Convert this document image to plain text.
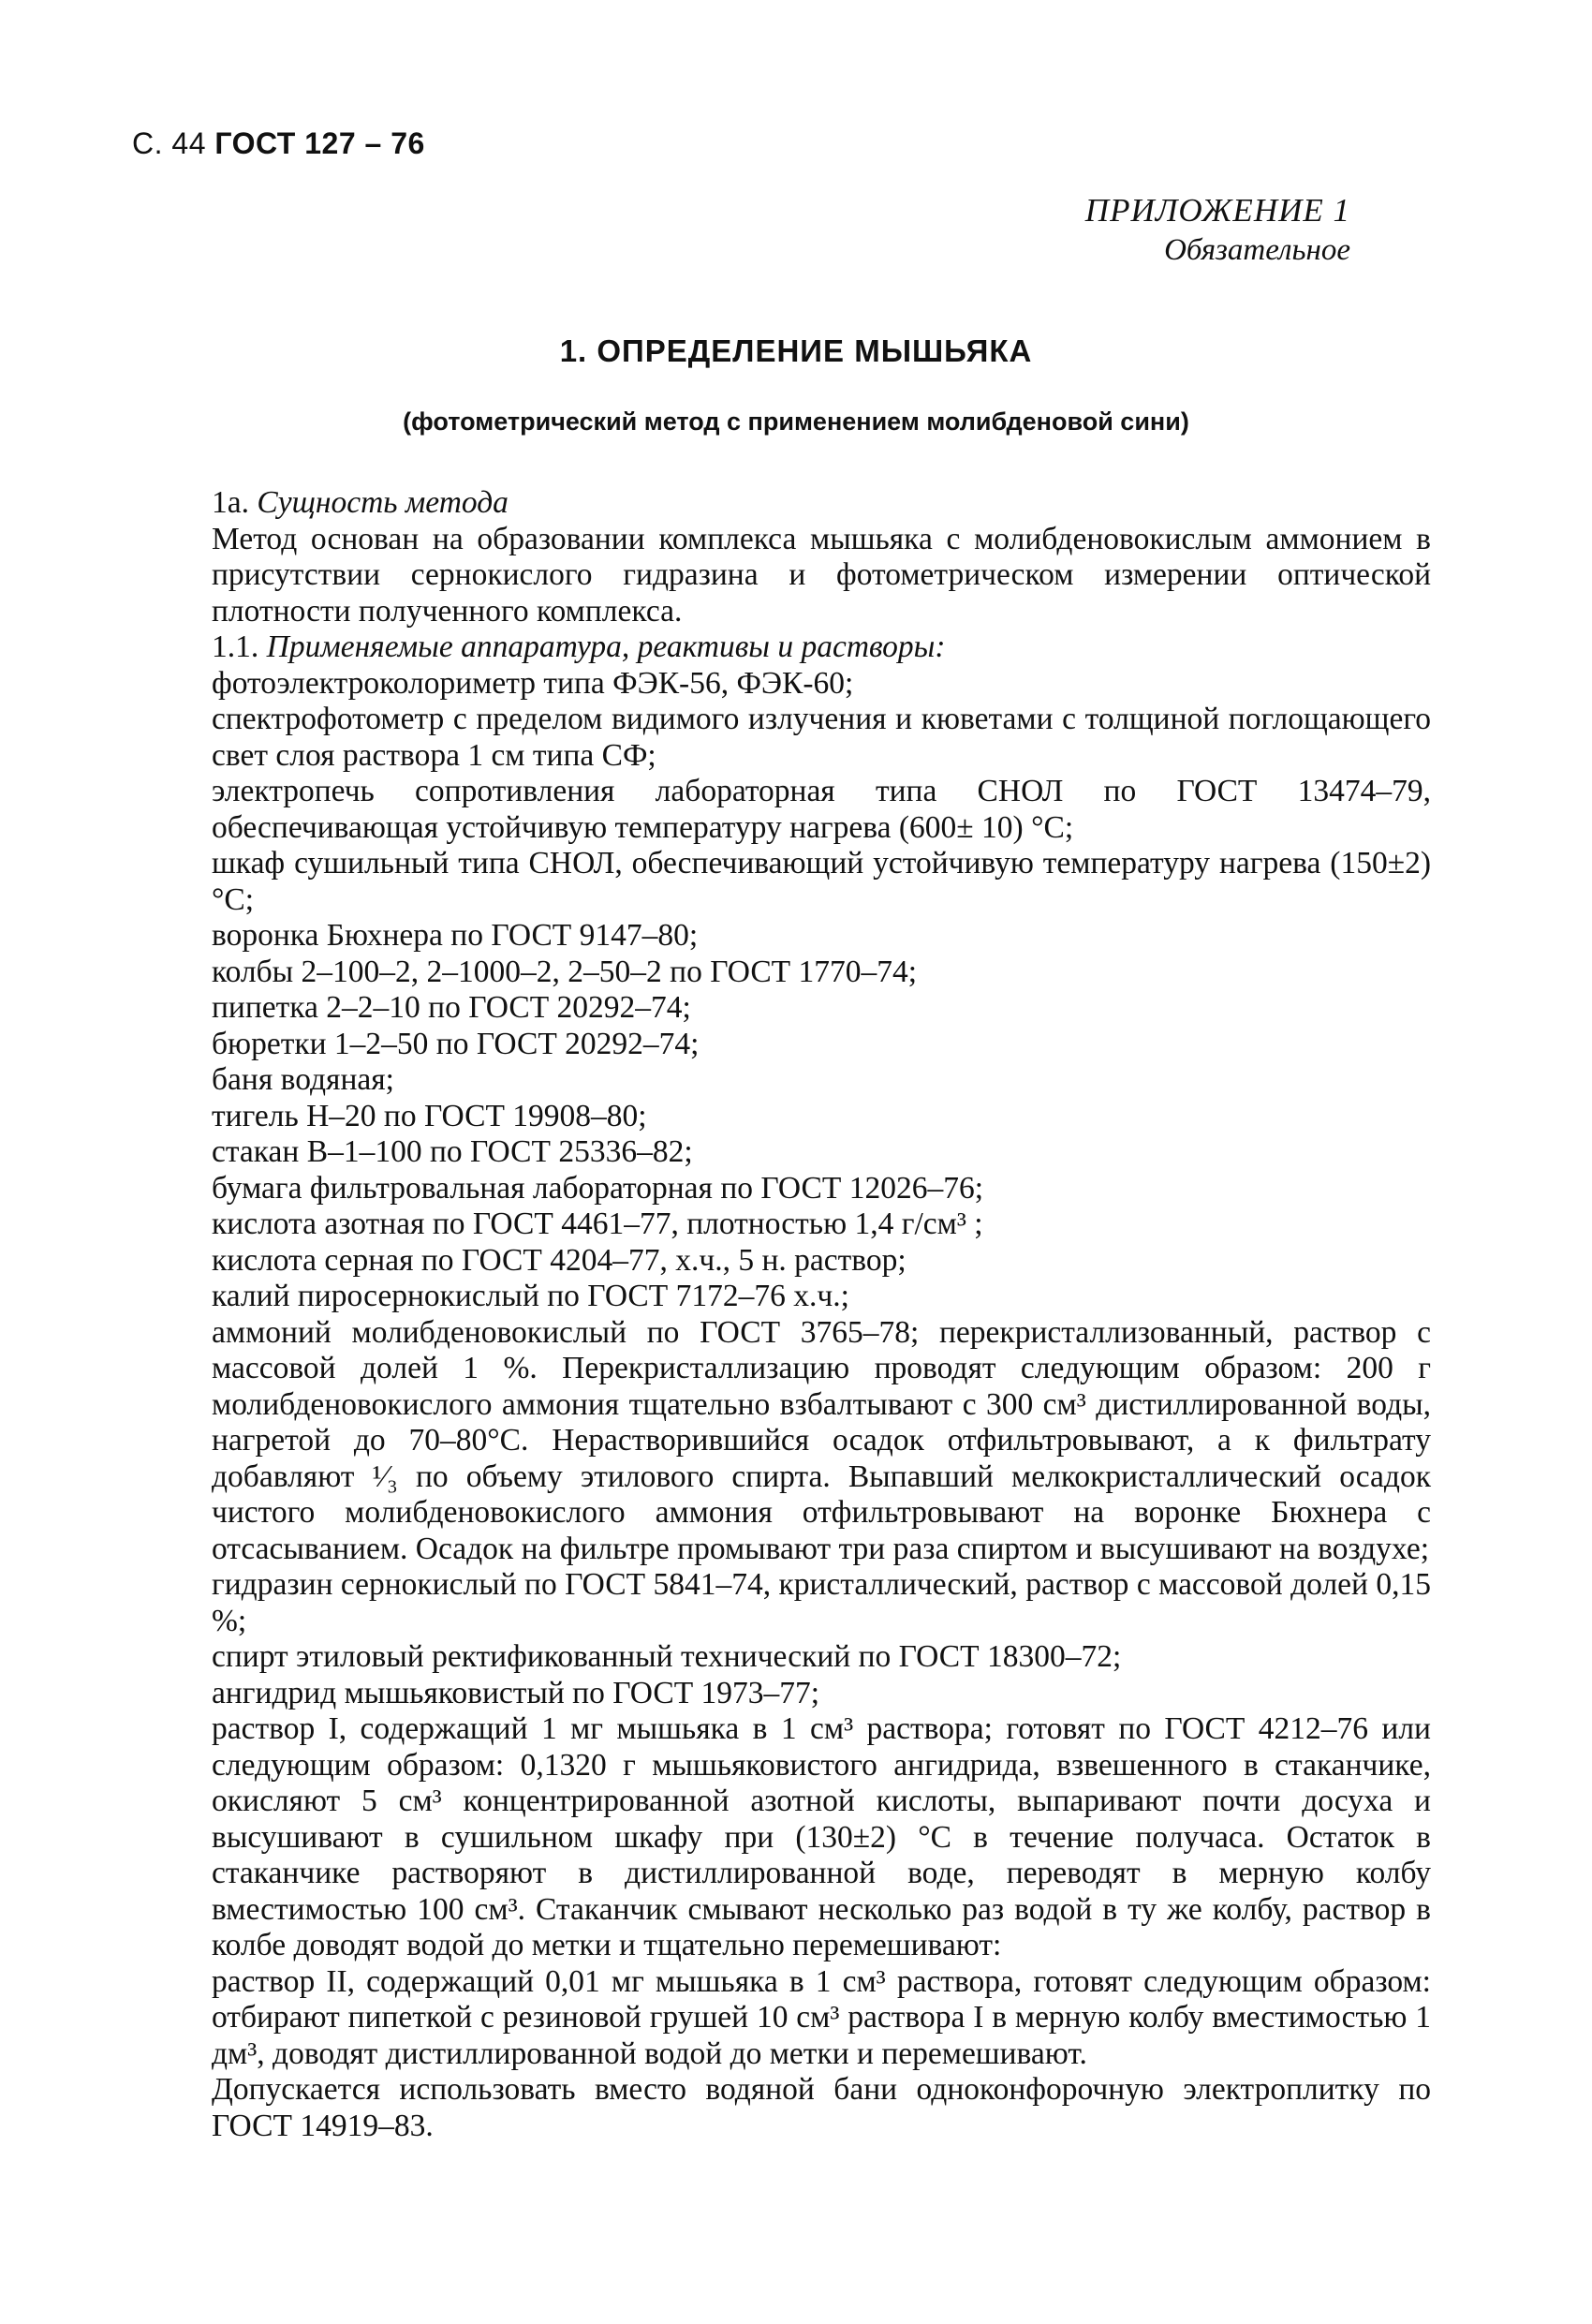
С. 44 ГОСТ 127 – 76
ПРИЛОЖЕНИЕ 1
Обязательное
1. ОПРЕДЕЛЕНИЕ МЫШЬЯКА
(фотометрический метод с применением молибденовой сини)

1а. Сущность метода

Метод основан на образовании комплекса мышьяка с молибденовокислым аммонием в присутствии сернокислого гидразина и фотометрическом измерении оптической плотности полученного комплекса.

1.1. Применяемые аппаратура, реактивы и растворы:

фотоэлектроколориметр типа ФЭК-56, ФЭК-60;

спектрофотометр с пределом видимого излучения и кюветами с толщиной поглощающего свет слоя раствора 1 см типа СФ;

электропечь сопротивления лабораторная типа СНОЛ по ГОСТ 13474–79, обеспечивающая устойчивую температуру нагрева (600± 10) °С;

шкаф сушильный типа СНОЛ, обеспечивающий устойчивую температуру нагрева (150±2) °С;

воронка Бюхнера по ГОСТ 9147–80;

колбы 2–100–2, 2–1000–2, 2–50–2 по ГОСТ 1770–74;

пипетка 2–2–10 по ГОСТ 20292–74;

бюретки 1–2–50 по ГОСТ 20292–74;

баня водяная;

тигель Н–20 по ГОСТ 19908–80;

стакан В–1–100 по ГОСТ 25336–82;

бумага фильтровальная лабораторная по ГОСТ 12026–76;

кислота азотная по ГОСТ 4461–77, плотностью 1,4 г/см³ ;

кислота серная по ГОСТ 4204–77, х.ч., 5 н. раствор;

калий пиросернокислый по ГОСТ 7172–76 х.ч.;

аммоний молибденовокислый по ГОСТ 3765–78; перекристаллизованный, раствор с массовой долей 1 %. Перекристаллизацию проводят следующим образом: 200 г молибденовокислого аммония тщательно взбалтывают с 300 см³ дистиллированной воды, нагретой до 70–80°С. Нерастворившийся осадок отфильтровывают, а к фильтрату добавляют ¹⁄₃ по объему этилового спирта. Выпавший мелкокристаллический осадок чистого молибденовокислого аммония отфильтровывают на воронке Бюхнера с отсасыванием. Осадок на фильтре промывают три раза спиртом и высушивают на воздухе;

гидразин сернокислый по ГОСТ 5841–74, кристаллический, раствор с массовой долей 0,15 %;

спирт этиловый ректификованный технический по ГОСТ 18300–72;

ангидрид мышьяковистый по ГОСТ 1973–77;

раствор I, содержащий 1 мг мышьяка в 1 см³ раствора; готовят по ГОСТ 4212–76 или следующим образом: 0,1320 г мышьяковистого ангидрида, взвешенного в стаканчике, окисляют 5 см³ концентрированной азотной кислоты, выпаривают почти досуха и высушивают в сушильном шкафу при (130±2) °С в течение получаса. Остаток в стаканчике растворяют в дистиллированной воде, переводят в мерную колбу вместимостью 100 см³. Стаканчик смывают несколько раз водой в ту же колбу, раствор в колбе доводят водой до метки и тщательно перемешивают:

раствор II, содержащий 0,01 мг мышьяка в 1 см³ раствора, готовят следующим образом: отбирают пипеткой с резиновой грушей 10 см³ раствора I в мерную колбу вместимостью 1 дм³, доводят дистиллированной водой до метки и перемешивают.

Допускается использовать вместо водяной бани одноконфорочную электроплитку по ГОСТ 14919–83.
